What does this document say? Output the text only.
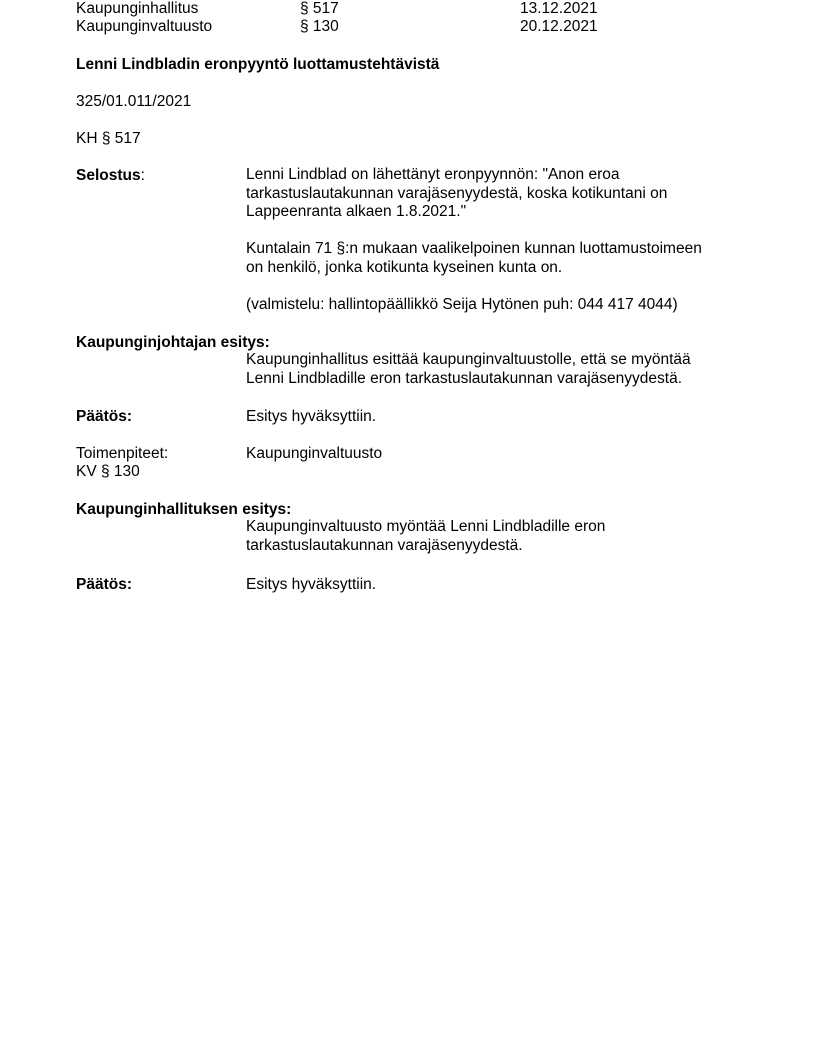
Kaupunginhallitus	§ 517	13.12.2021
Kaupunginvaltuusto	§ 130	20.12.2021
Lenni Lindbladin eronpyyntö luottamustehtävistä
325/01.011/2021
KH § 517
Selostus:	Lenni Lindblad on lähettänyt eronpyynnön: "Anon eroa
tarkastuslautakunnan varajäsenyydestä, koska kotikuntani on
Lappeenranta alkaen 1.8.2021."
Kuntalain 71 §:n mukaan vaalikelpoinen kunnan luottamustoimeen
on henkilö, jonka kotikunta kyseinen kunta on.
(valmistelu: hallintopäällikkö Seija Hytönen puh: 044 417 4044)
Kaupunginjohtajan esitys:
Kaupunginhallitus esittää kaupunginvaltuustolle, että se myöntää
Lenni Lindbladille eron tarkastuslautakunnan varajäsenyydestä.
Päätös:	Esitys hyväksyttiin.
Toimenpiteet:	Kaupunginvaltuusto
KV § 130
Kaupunginhallituksen esitys:
Kaupunginvaltuusto myöntää Lenni Lindbladille eron
tarkastuslautakunnan varajäsenyydestä.
Päätös:	Esitys hyväksyttiin.
